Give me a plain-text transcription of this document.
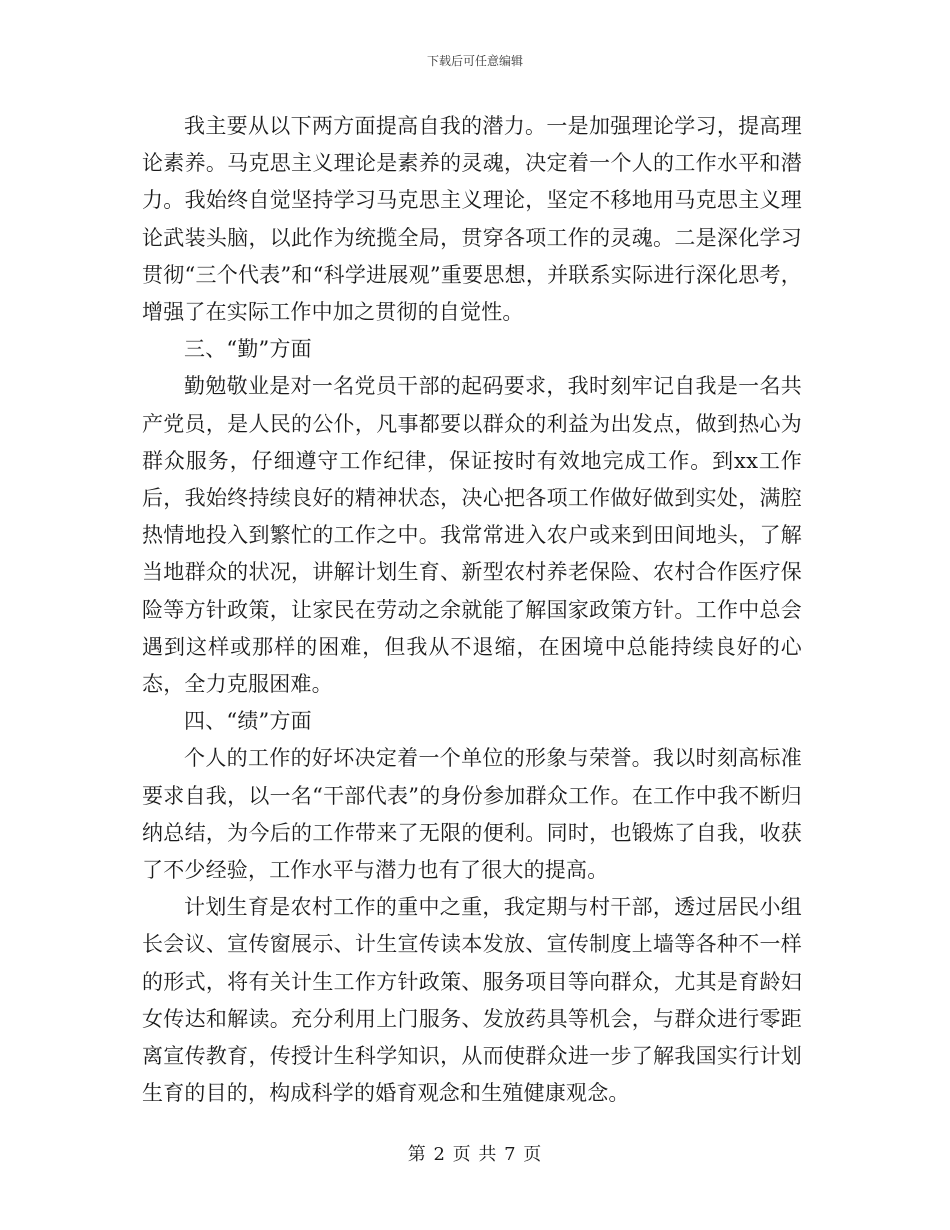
下载后可任意编辑

我主要从以下两方面提高自我的潜力。一是加强理论学习，提高理论素养。马克思主义理论是素养的灵魂，决定着一个人的工作水平和潜力。我始终自觉坚持学习马克思主义理论，坚定不移地用马克思主义理论武装头脑，以此作为统揽全局，贯穿各项工作的灵魂。二是深化学习贯彻“三个代表”和“科学进展观”重要思想，并联系实际进行深化思考，增强了在实际工作中加之贯彻的自觉性。

三、“勤”方面

勤勉敬业是对一名党员干部的起码要求，我时刻牢记自我是一名共产党员，是人民的公仆，凡事都要以群众的利益为出发点，做到热心为群众服务，仔细遵守工作纪律，保证按时有效地完成工作。到xx工作后，我始终持续良好的精神状态，决心把各项工作做好做到实处，满腔热情地投入到繁忙的工作之中。我常常进入农户或来到田间地头，了解当地群众的状况，讲解计划生育、新型农村养老保险、农村合作医疗保险等方针政策，让家民在劳动之余就能了解国家政策方针。工作中总会遇到这样或那样的困难，但我从不退缩，在困境中总能持续良好的心态，全力克服困难。

四、“绩”方面

个人的工作的好坏决定着一个单位的形象与荣誉。我以时刻高标准要求自我，以一名“干部代表”的身份参加群众工作。在工作中我不断归纳总结，为今后的工作带来了无限的便利。同时，也锻炼了自我，收获了不少经验，工作水平与潜力也有了很大的提高。

计划生育是农村工作的重中之重，我定期与村干部，透过居民小组长会议、宣传窗展示、计生宣传读本发放、宣传制度上墙等各种不一样的形式，将有关计生工作方针政策、服务项目等向群众，尤其是育龄妇女传达和解读。充分利用上门服务、发放药具等机会，与群众进行零距离宣传教育，传授计生科学知识，从而使群众进一步了解我国实行计划生育的目的，构成科学的婚育观念和生殖健康观念。

第 2 页 共 7 页
